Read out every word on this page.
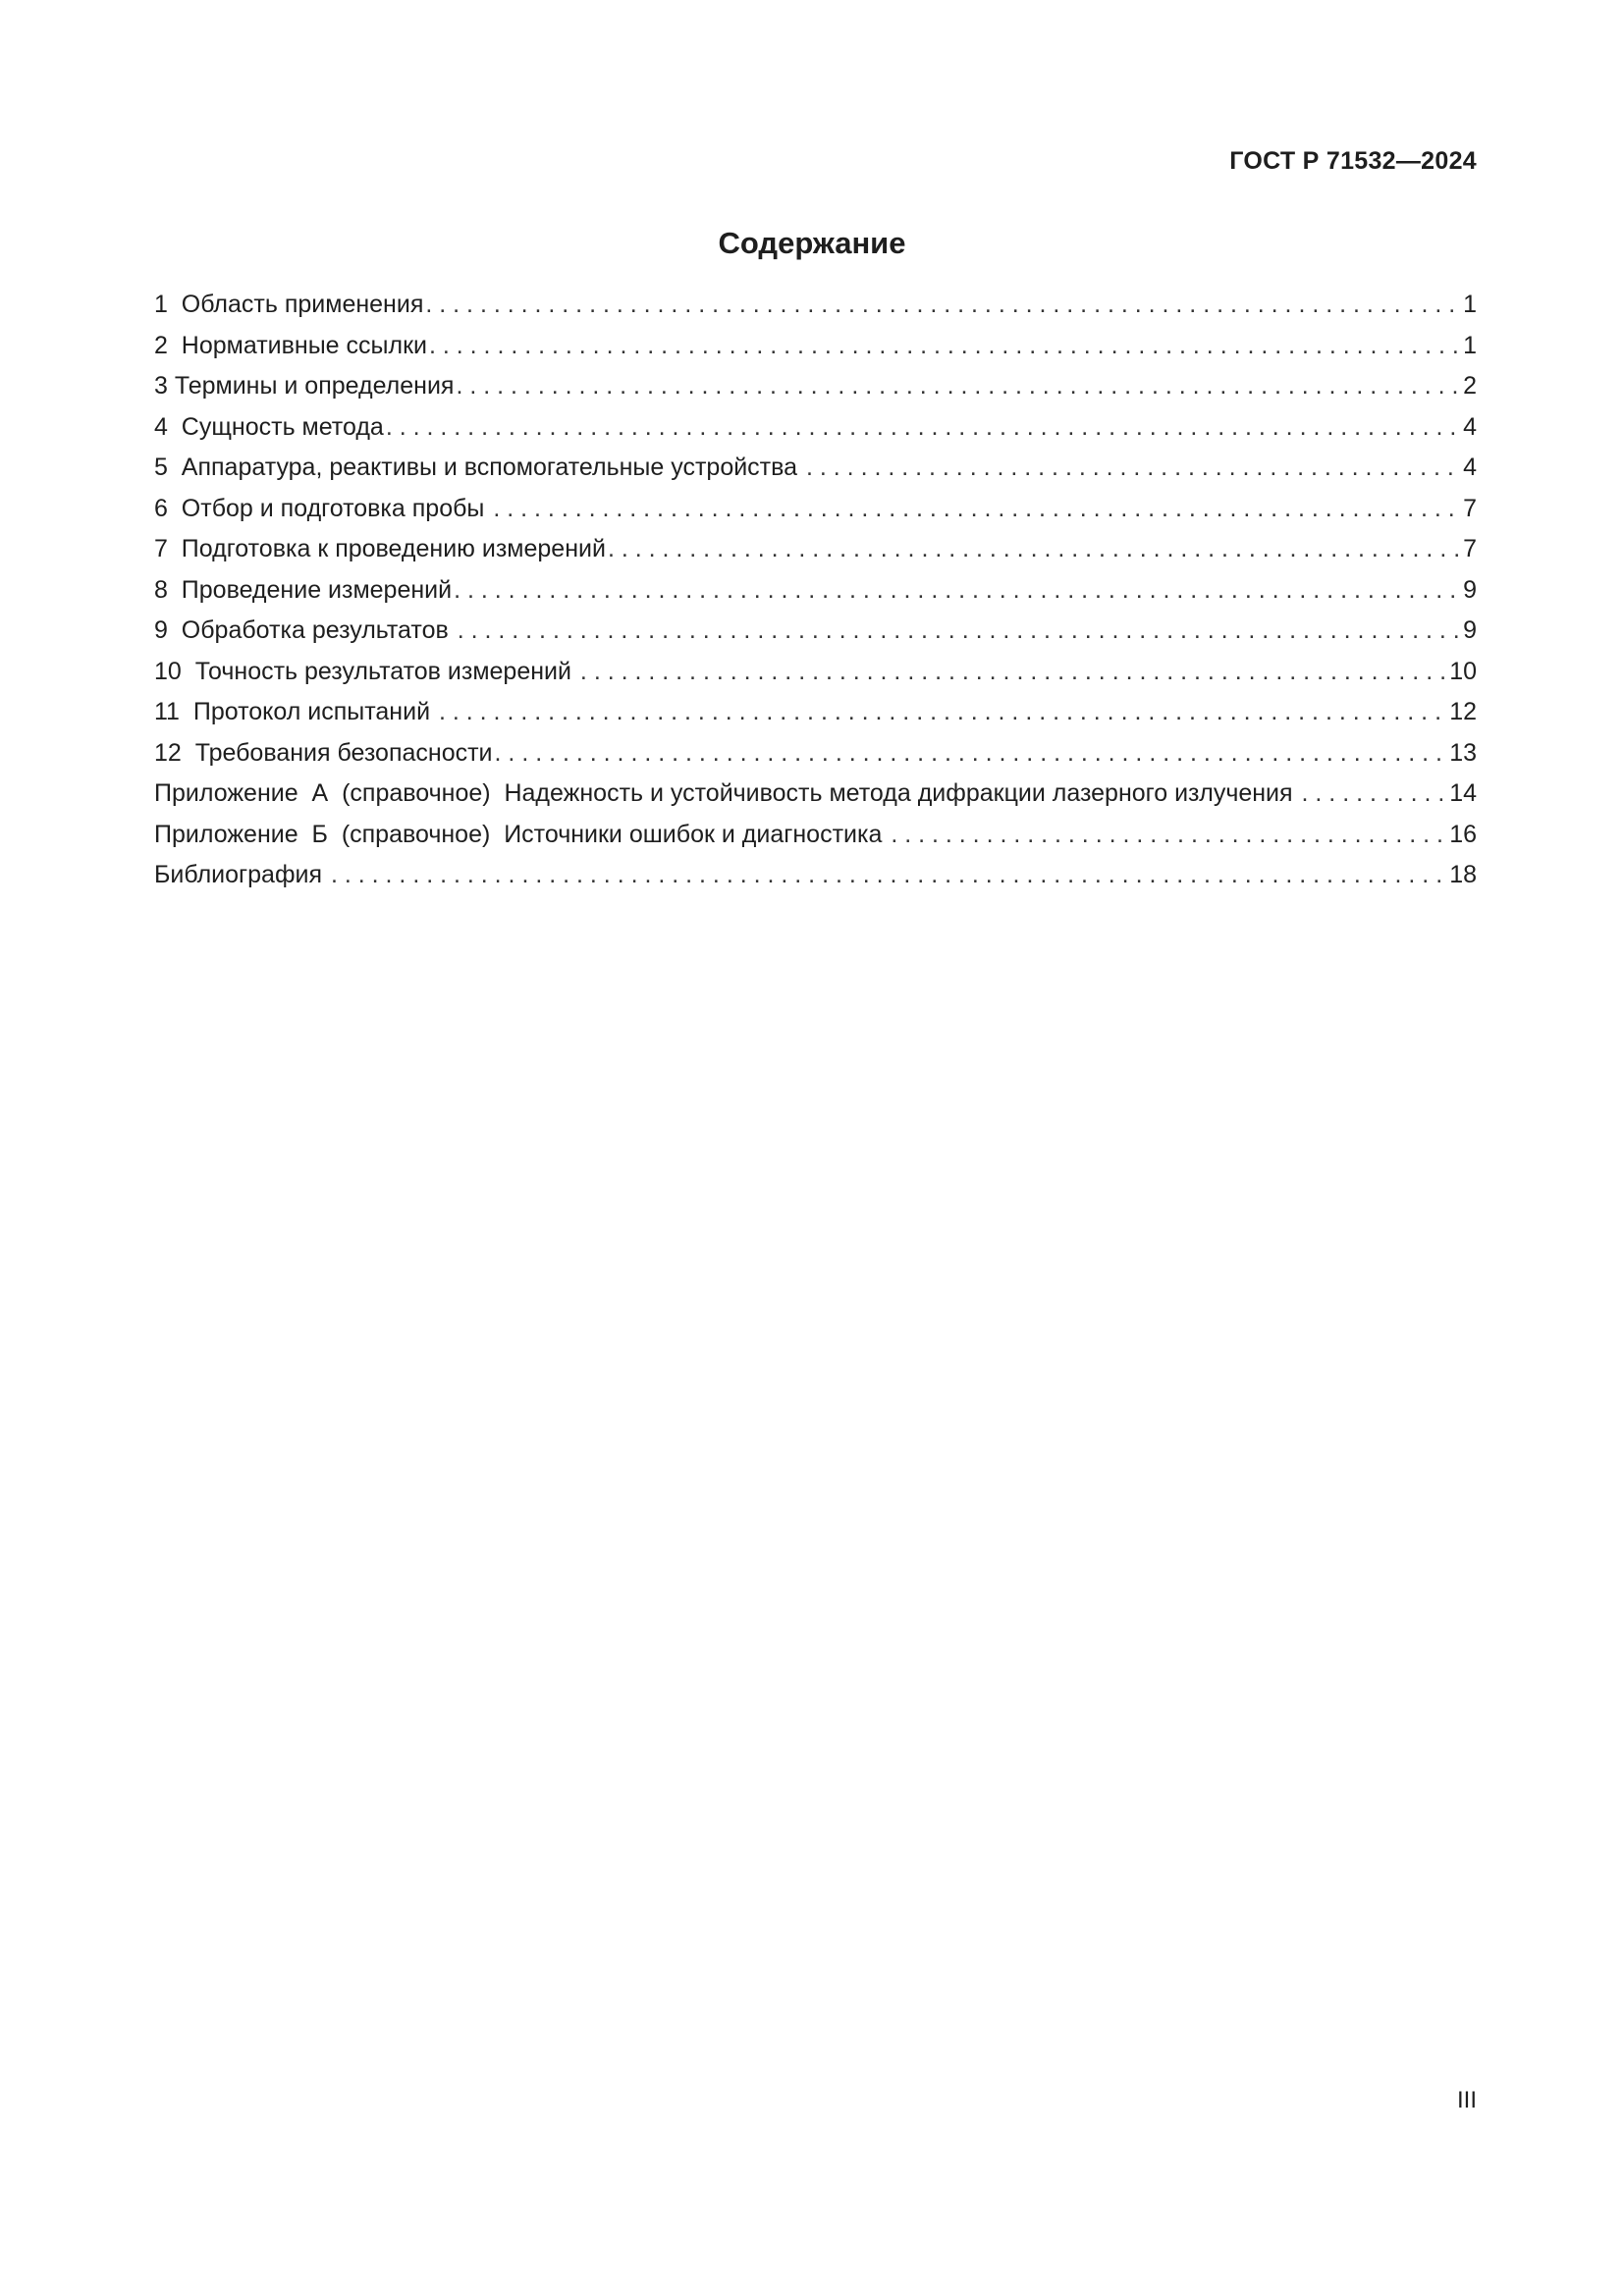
ГОСТ Р 71532—2024
Содержание
1  Область применения . . .	1
2  Нормативные ссылки . . .	1
3 Термины и определения . . .	2
4  Сущность метода . . .	4
5  Аппаратура, реактивы и вспомогательные устройства . . .	4
6  Отбор и подготовка пробы . . .	7
7  Подготовка к проведению измерений . . .	7
8  Проведение измерений . . .	9
9  Обработка результатов . . .	9
10  Точность результатов измерений . . .	10
11  Протокол испытаний . . .	12
12  Требования безопасности . . .	13
Приложение  А  (справочное)  Надежность и устойчивость метода дифракции лазерного излучения . . .	14
Приложение  Б  (справочное)  Источники ошибок и диагностика . . .	16
Библиография . . .	18
III
